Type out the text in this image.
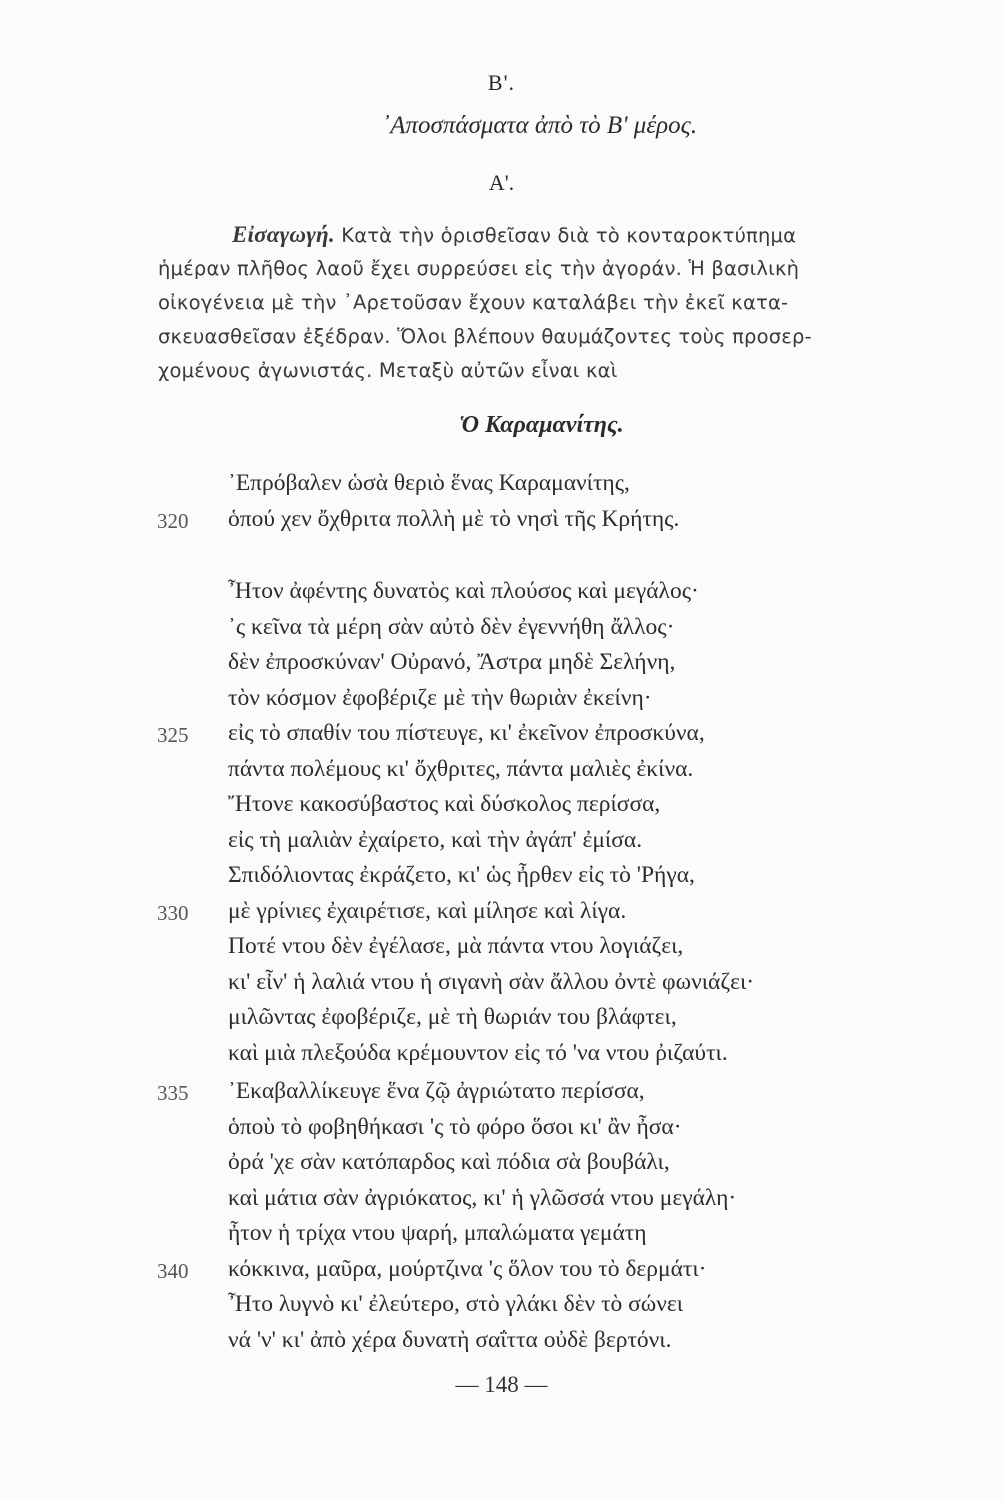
Β'.
᾿Αποσπάσματα ἀπὸ τὸ Β' μέρος.
Α'.
Εἰσαγωγή. Κατὰ τὴν ὁρισθεῖσαν διὰ τὸ κονταροκτύπημα
ἡμέραν πλῆθος λαοῦ ἔχει συρρεύσει εἰς τὴν ἀγοράν. Ἡ βασιλικὴ
οἰκογένεια μὲ τὴν ᾿Αρετοῦσαν ἔχουν καταλάβει τὴν ἐκεῖ κατα-
σκευασθεῖσαν ἐξέδραν. Ὅλοι βλέπουν θαυμάζοντες τοὺς προσερ-
χομένους ἀγωνιστάς. Μεταξὺ αὐτῶν εἶναι καὶ
Ὁ Καραμανίτης.
᾿Επρόβαλεν ὡσὰ θεριὸ ἕνας Καραμανίτης,
ὁπού χεν ὄχθριτα πολλὴ μὲ τὸ νησὶ τῆς Κρήτης.
320
Ἦτον ἀφέντης δυνατὸς καὶ πλούσος καὶ μεγάλος·
᾿ς κεῖνα τὰ μέρη σὰν αὐτὸ δὲν ἐγεννήθη ἄλλος·
δὲν ἐπροσκύναν' Οὐρανό, Ἄστρα μηδὲ Σελήνη,
τὸν κόσμον ἐφοβέριζε μὲ τὴν θωριὰν ἐκείνη·
εἰς τὸ σπαθίν του πίστευγε, κι' ἐκεῖνον ἐπροσκύνα,
325
πάντα πολέμους κι' ὄχθριτες, πάντα μαλιὲς ἐκίνα.
Ἤτονε κακοσύβαστος καὶ δύσκολος περίσσα,
εἰς τὴ μαλιὰν ἐχαίρετο, καὶ τὴν ἀγάπ' ἐμίσα.
Σπιδόλιοντας ἐκράζετο, κι' ὡς ἦρθεν εἰς τὸ 'Ρήγα,
μὲ γρίνιες ἐχαιρέτισε, καὶ μίλησε καὶ λίγα.
330
Ποτέ ντου δὲν ἐγέλασε, μὰ πάντα ντου λογιάζει,
κι' εἶν' ἡ λαλιά ντου ἡ σιγανὴ σὰν ἄλλου ὀντὲ φωνιάζει·
μιλῶντας ἐφοβέριζε, μὲ τὴ θωριάν του βλάφτει,
καὶ μιὰ πλεξούδα κρέμουντον εἰς τό 'να ντου ῤιζαύτι.
᾿Εκαβαλλίκευγε ἕνα ζῷ ἀγριώτατο περίσσα,
335
ὁποὺ τὸ φοβηθήκασι 'ς τὸ φόρο ὅσοι κι' ἂν ἦσα·
ὀρά 'χε σὰν κατόπαρδος καὶ πόδια σὰ βουβάλι,
καὶ μάτια σὰν ἀγριόκατος, κι' ἡ γλῶσσά ντου μεγάλη·
ἦτον ἡ τρίχα ντου ψαρή, μπαλώματα γεμάτη
κόκκινα, μαῦρα, μούρτζινα 'ς ὅλον του τὸ δερμάτι·
340
Ἦτο λυγνὸ κι' ἐλεύτερο, στὸ γλάκι δὲν τὸ σώνει
νά 'ν' κι' ἀπὸ χέρα δυνατὴ σαΐττα οὐδὲ βερτόνι.
— 148 —
